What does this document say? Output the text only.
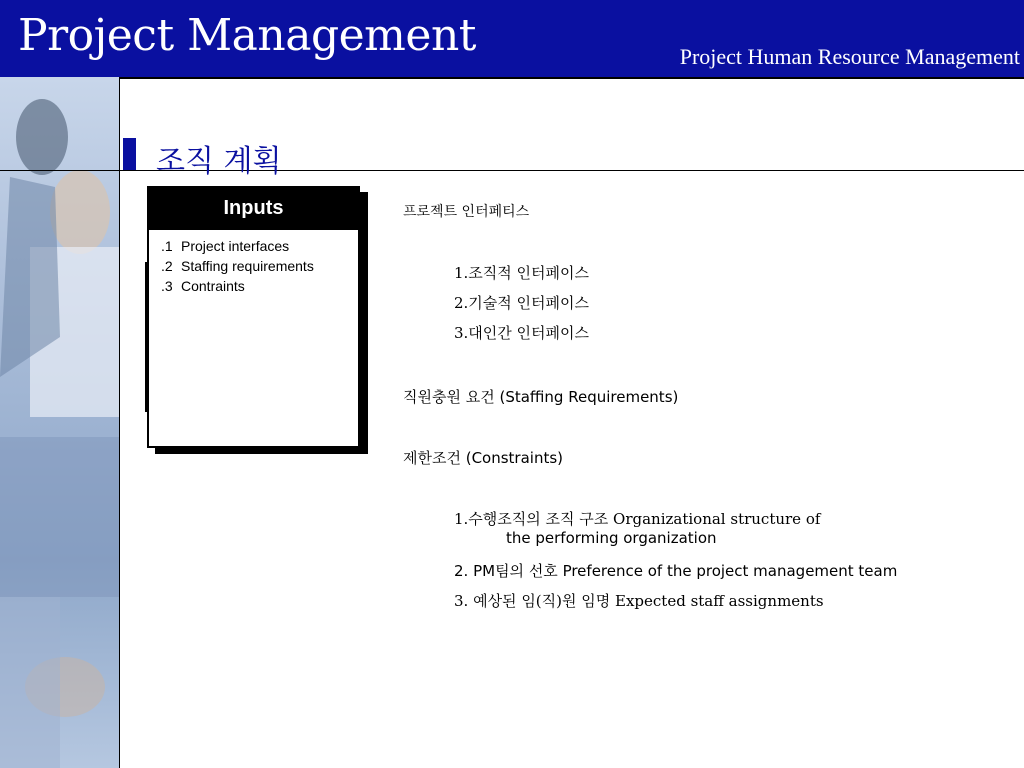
Project Management	Project Human Resource Management
조직 계획
Inputs
.1 Project interfaces
.2 Staffing requirements
.3 Contraints
프로젝트 인터페티스
1.조직적 인터페이스
2.기술적 인터페이스
3.대인간 인터페이스
직원충원 요건 (Staffing Requirements)
제한조건 (Constraints)
1.수행조직의 조직 구조 Organizational structure of
the performing organization
2. PM팀의 선호 Preference of the project management team
3. 예상된 임(직)원 임명 Expected staff assignments
